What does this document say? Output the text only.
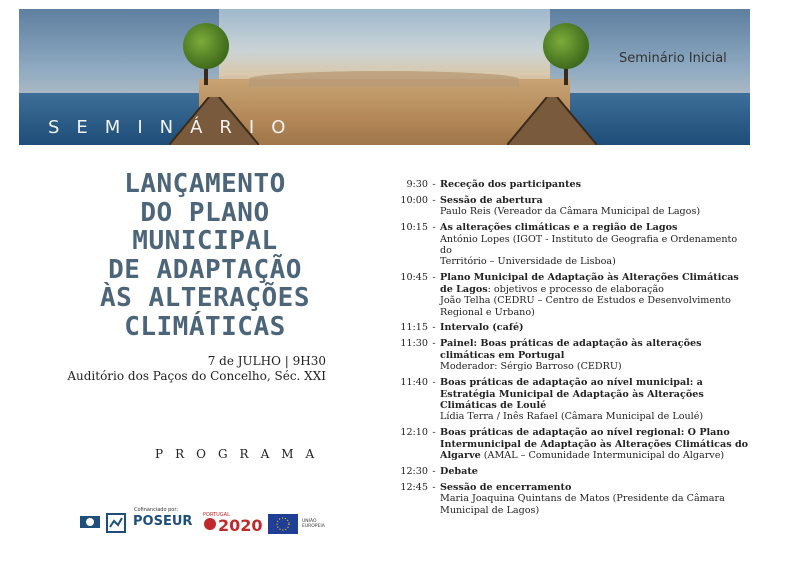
SEMINÁRIO
Seminário Inicial
LANÇAMENTO
DO PLANO
MUNICIPAL
DE ADAPTAÇÃO
ÀS ALTERAÇÕES
CLIMÁTICAS
7 de JULHO | 9H30
Auditório dos Paços do Concelho, Séc. XXI
PROGRAMA
Cofinanciado por:
POSEUR PORTUGAL
2020	UNIÃO EUROPEIA
9:30 - Receção dos participantes
10:00 - Sessão de abertura
Paulo Reis (Vereador da Câmara Municipal de Lagos)
10:15 - As alterações climáticas e a região de Lagos
António Lopes (IGOT - Instituto de Geografia e Ordenamento do
Território – Universidade de Lisboa)
10:45 - Plano Municipal de Adaptação às Alterações Climáticas de Lagos: objetivos e processo de elaboração
João Telha (CEDRU – Centro de Estudos e Desenvolvimento
Regional e Urbano)
11:15 - Intervalo (café)
11:30 - Painel: Boas práticas de adaptação às alterações climáticas em Portugal
Moderador: Sérgio Barroso (CEDRU)
11:40 - Boas práticas de adaptação ao nível municipal: a Estratégia Municipal de Adaptação às Alterações Climáticas de Loulé
Lídia Terra / Inês Rafael (Câmara Municipal de Loulé)
12:10 - Boas práticas de adaptação ao nível regional: O Plano Intermunicipal de Adaptação às Alterações Climáticas do Algarve (AMAL – Comunidade Intermunicipal do Algarve)
12:30 - Debate
12:45 - Sessão de encerramento
Maria Joaquina Quintans de Matos (Presidente da Câmara
Municipal de Lagos)
